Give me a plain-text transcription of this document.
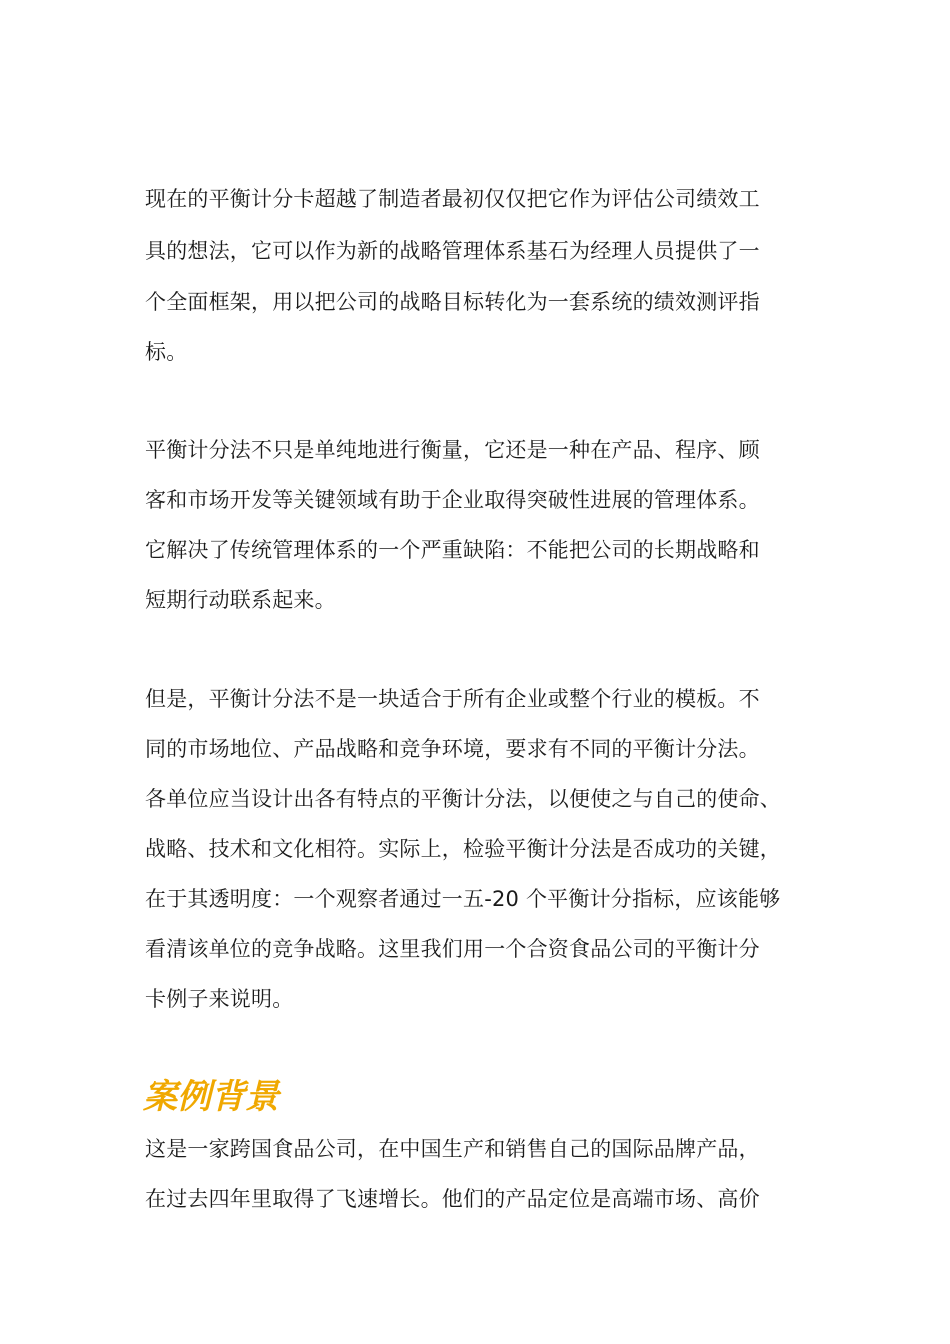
现在的平衡计分卡超越了制造者最初仅仅把它作为评估公司绩效工
具的想法，它可以作为新的战略管理体系基石为经理人员提供了一
个全面框架，用以把公司的战略目标转化为一套系统的绩效测评指
标。
平衡计分法不只是单纯地进行衡量，它还是一种在产品、程序、顾
客和市场开发等关键领域有助于企业取得突破性进展的管理体系。
它解决了传统管理体系的一个严重缺陷：不能把公司的长期战略和
短期行动联系起来。
但是，平衡计分法不是一块适合于所有企业或整个行业的模板。不
同的市场地位、产品战略和竞争环境，要求有不同的平衡计分法。
各单位应当设计出各有特点的平衡计分法，以便使之与自己的使命、
战略、技术和文化相符。实际上，检验平衡计分法是否成功的关键，
在于其透明度：一个观察者通过一五-20 个平衡计分指标，应该能够
看清该单位的竞争战略。这里我们用一个合资食品公司的平衡计分
卡例子来说明。
案例背景
这是一家跨国食品公司，在中国生产和销售自己的国际品牌产品，
在过去四年里取得了飞速增长。他们的产品定位是高端市场、高价
